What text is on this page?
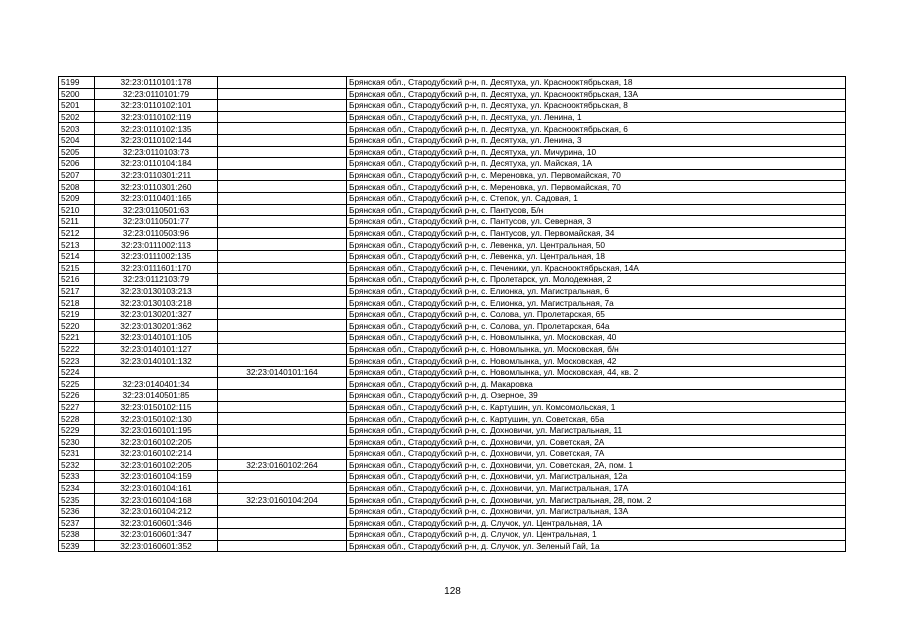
5199	32:23:0110101:178		Брянская обл., Стародубский р-н, п. Десятуха, ул. Краснооктябрьская, 18
5200	32:23:0110101:79		Брянская обл., Стародубский р-н, п. Десятуха, ул. Краснооктябрьская, 13А
5201	32:23:0110102:101		Брянская обл., Стародубский р-н, п. Десятуха, ул. Краснооктябрьская, 8
5202	32:23:0110102:119		Брянская обл., Стародубский р-н, п. Десятуха, ул. Ленина, 1
5203	32:23:0110102:135		Брянская обл., Стародубский р-н, п. Десятуха, ул. Краснооктябрьская, 6
5204	32:23:0110102:144		Брянская обл., Стародубский р-н, п. Десятуха, ул. Ленина, 3
5205	32:23:0110103:73		Брянская обл., Стародубский р-н, п. Десятуха, ул. Мичурина, 10
5206	32:23:0110104:184		Брянская обл., Стародубский р-н, п. Десятуха, ул. Майская, 1А
5207	32:23:0110301:211		Брянская обл., Стародубский р-н, с. Мереновка, ул. Первомайская, 70
5208	32:23:0110301:260		Брянская обл., Стародубский р-н, с. Мереновка, ул. Первомайская, 70
5209	32:23:0110401:165		Брянская обл., Стародубский р-н, с. Степок, ул. Садовая, 1
5210	32:23:0110501:63		Брянская обл., Стародубский р-н, с. Пантусов, Б/н
5211	32:23:0110501:77		Брянская обл., Стародубский р-н, с. Пантусов, ул. Северная, 3
5212	32:23:0110503:96		Брянская обл., Стародубский р-н, с. Пантусов, ул. Первомайская, 34
5213	32:23:0111002:113		Брянская обл., Стародубский р-н, с. Левенка, ул. Центральная, 50
5214	32:23:0111002:135		Брянская обл., Стародубский р-н, с. Левенка, ул. Центральная, 18
5215	32:23:0111601:170		Брянская обл., Стародубский р-н, с. Печеники, ул. Краснооктябрьская, 14А
5216	32:23:0112103:79		Брянская обл., Стародубский р-н, с. Пролетарск, ул. Молодежная, 2
5217	32:23:0130103:213		Брянская обл., Стародубский р-н, с. Елионка, ул. Магистральная, 6
5218	32:23:0130103:218		Брянская обл., Стародубский р-н, с. Елионка, ул. Магистральная, 7а
5219	32:23:0130201:327		Брянская обл., Стародубский р-н, с. Солова, ул. Пролетарская, 65
5220	32:23:0130201:362		Брянская обл., Стародубский р-н, с. Солова, ул. Пролетарская, 64а
5221	32:23:0140101:105		Брянская обл., Стародубский р-н, с. Новомлынка, ул. Московская, 40
5222	32:23:0140101:127		Брянская обл., Стародубский р-н, с. Новомлынка, ул. Московская, б/н
5223	32:23:0140101:132		Брянская обл., Стародубский р-н, с. Новомлынка, ул. Московская, 42
5224		32:23:0140101:164	Брянская обл., Стародубский р-н, с. Новомлынка, ул. Московская, 44, кв. 2
5225	32:23:0140401:34		Брянская обл., Стародубский р-н, д. Макаровка
5226	32:23:0140501:85		Брянская обл., Стародубский р-н, д. Озерное, 39
5227	32:23:0150102:115		Брянская обл., Стародубский р-н, с. Картушин, ул. Комсомольская, 1
5228	32:23:0150102:130		Брянская обл., Стародубский р-н, с. Картушин, ул. Советская, 65а
5229	32:23:0160101:195		Брянская обл., Стародубский р-н, с. Дохновичи, ул. Магистральная, 11
5230	32:23:0160102:205		Брянская обл., Стародубский р-н, с. Дохновичи, ул. Советская, 2А
5231	32:23:0160102:214		Брянская обл., Стародубский р-н, с. Дохновичи, ул. Советская, 7А
5232	32:23:0160102:205	32:23:0160102:264	Брянская обл., Стародубский р-н, с. Дохновичи, ул. Советская, 2А, пом. 1
5233	32:23:0160104:159		Брянская обл., Стародубский р-н, с. Дохновичи, ул. Магистральная, 12а
5234	32:23:0160104:161		Брянская обл., Стародубский р-н, с. Дохновичи, ул. Магистральная, 17А
5235	32:23:0160104:168	32:23:0160104:204	Брянская обл., Стародубский р-н, с. Дохновичи, ул. Магистральная, 28, пом. 2
5236	32:23:0160104:212		Брянская обл., Стародубский р-н, с. Дохновичи, ул. Магистральная, 13А
5237	32:23:0160601:346		Брянская обл., Стародубский р-н, д. Случок, ул. Центральная, 1А
5238	32:23:0160601:347		Брянская обл., Стародубский р-н, д. Случок, ул. Центральная, 1
5239	32:23:0160601:352		Брянская обл., Стародубский р-н, д. Случок, ул. Зеленый Гай, 1а
128
